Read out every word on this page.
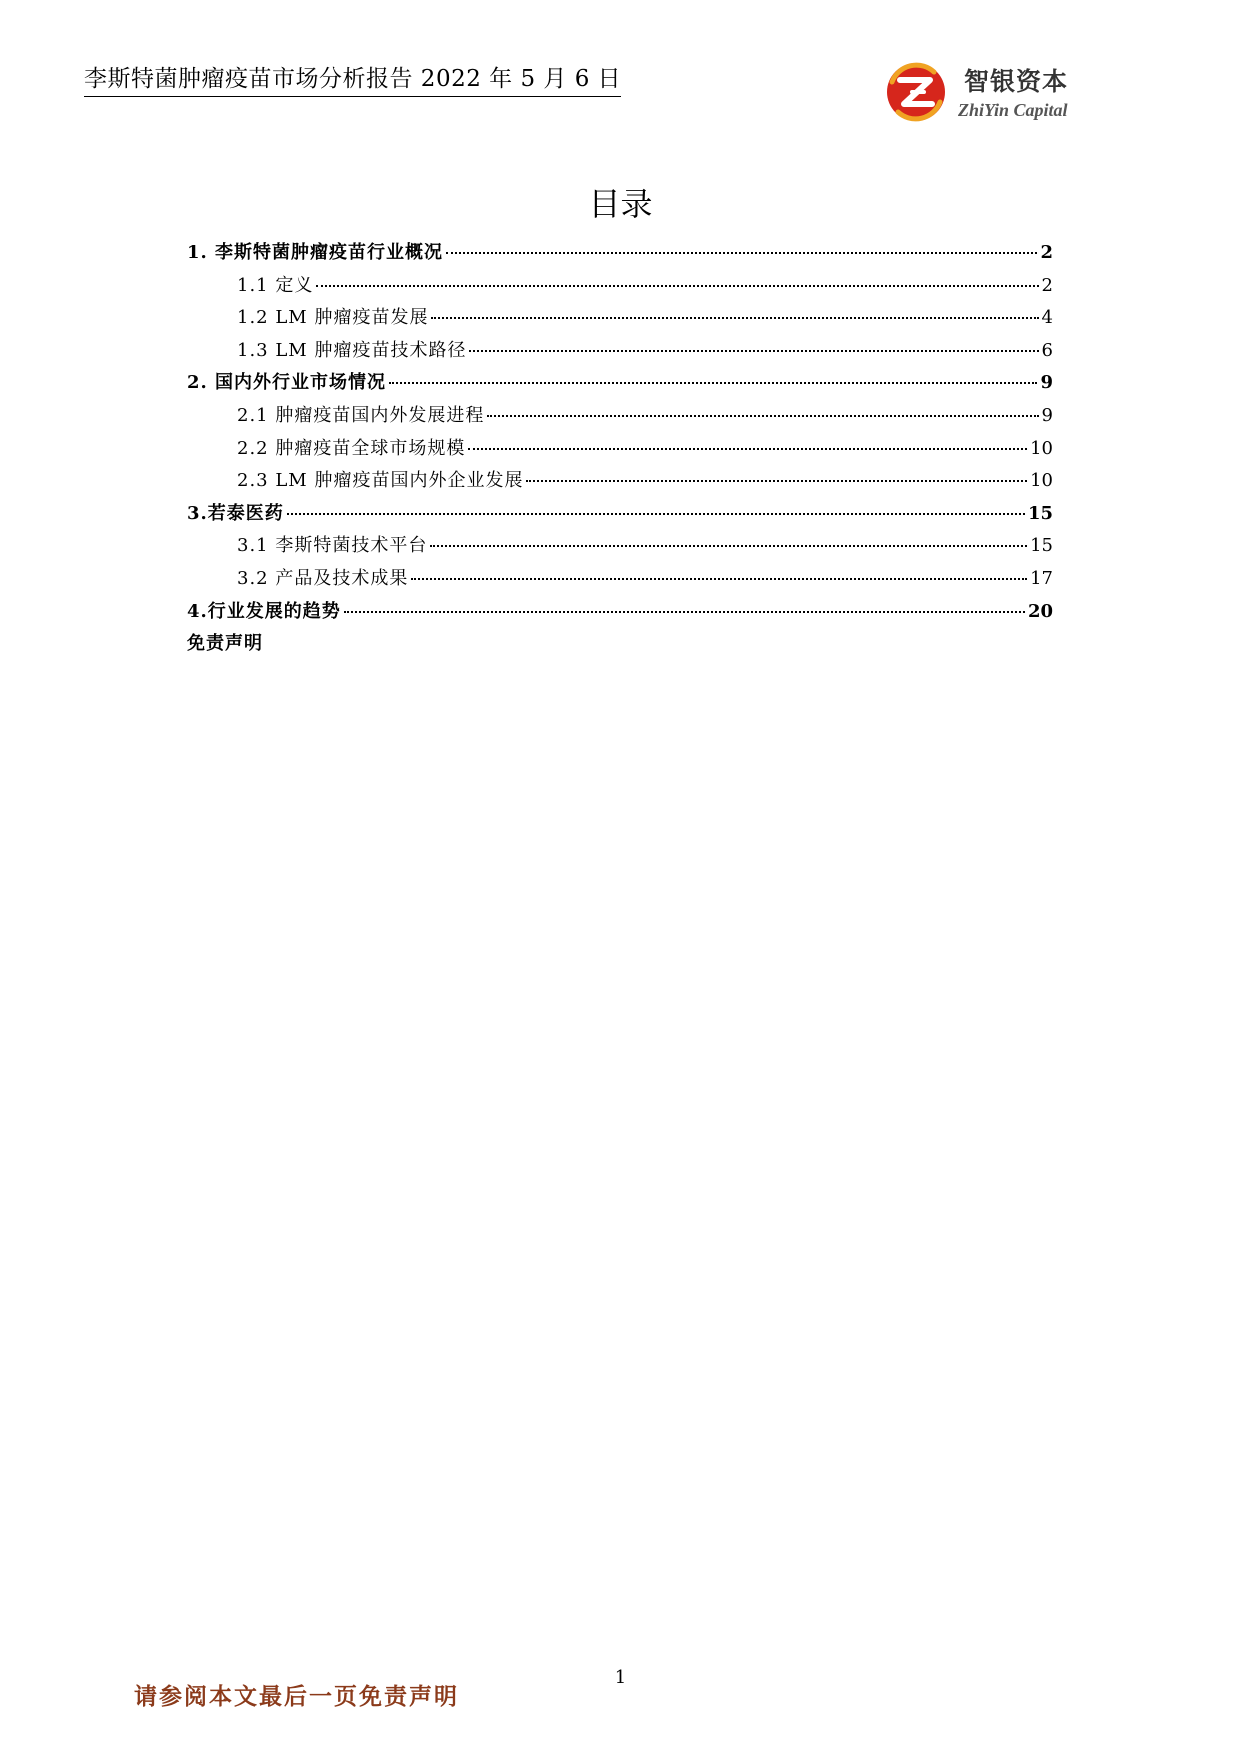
李斯特菌肿瘤疫苗市场分析报告 2022 年 5 月 6 日	智银资本
ZhiYin Capital
目录
1. 李斯特菌肿瘤疫苗行业概况	2
1.1 定义	2
1.2 LM 肿瘤疫苗发展	4
1.3 LM 肿瘤疫苗技术路径	6
2. 国内外行业市场情况	9
2.1 肿瘤疫苗国内外发展进程	9
2.2 肿瘤疫苗全球市场规模	10
2.3 LM 肿瘤疫苗国内外企业发展	10
3.若泰医药	15
3.1 李斯特菌技术平台	15
3.2 产品及技术成果	17
4.行业发展的趋势	20
免责声明
1
请参阅本文最后一页免责声明
